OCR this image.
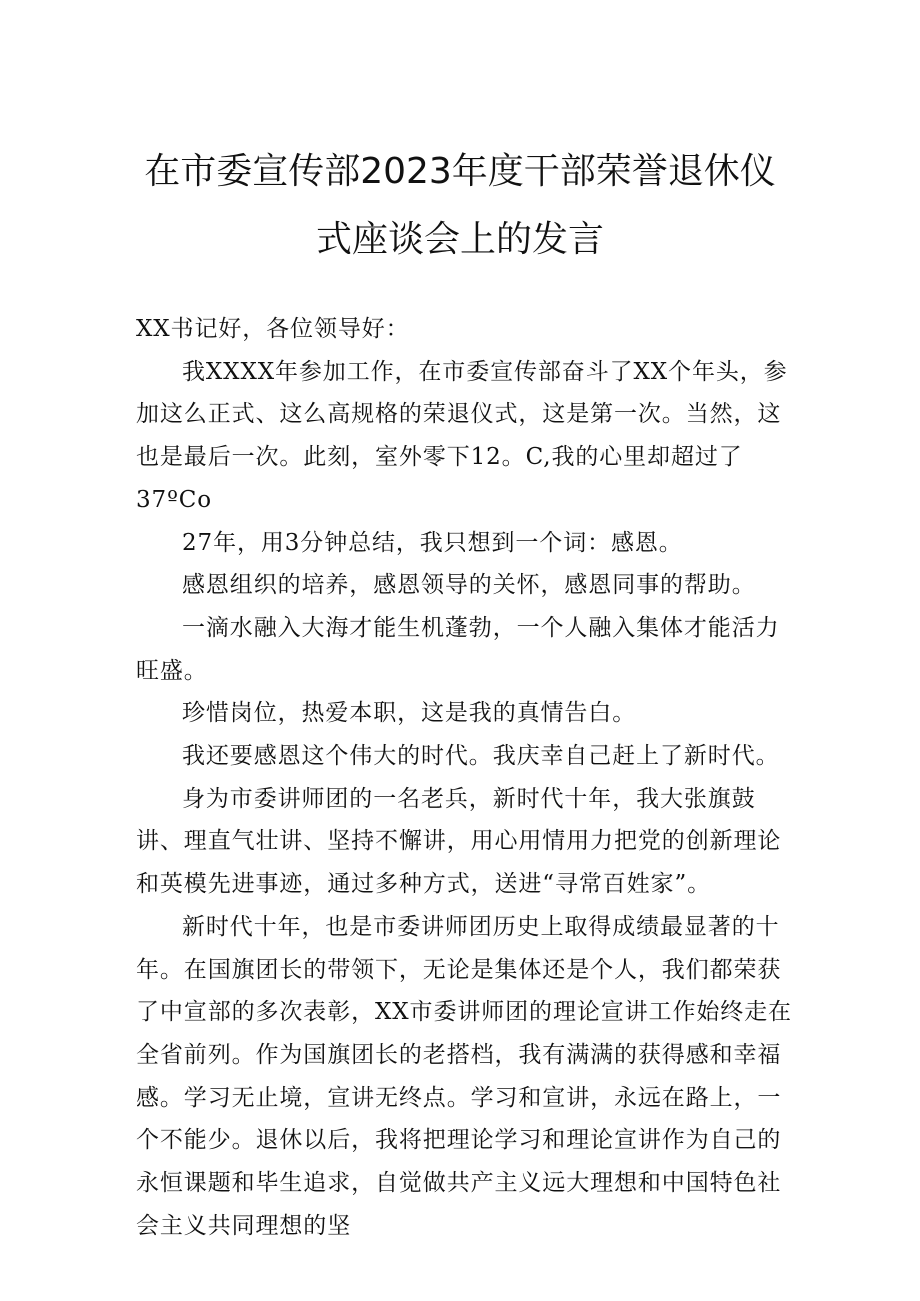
在市委宣传部2023年度干部荣誉退休仪
式座谈会上的发言

XX书记好，各位领导好：

我XXXX年参加工作，在市委宣传部奋斗了XX个年头，参加这么正式、这么高规格的荣退仪式，这是第一次。当然，这也是最后一次。此刻，室外零下12。C,我的心里却超过了37ºCo

27年，用3分钟总结，我只想到一个词：感恩。

感恩组织的培养，感恩领导的关怀，感恩同事的帮助。

一滴水融入大海才能生机蓬勃，一个人融入集体才能活力旺盛。

珍惜岗位，热爱本职，这是我的真情告白。

我还要感恩这个伟大的时代。我庆幸自己赶上了新时代。

身为市委讲师团的一名老兵，新时代十年，我大张旗鼓讲、理直气壮讲、坚持不懈讲，用心用情用力把党的创新理论和英模先进事迹，通过多种方式，送进“寻常百姓家”。

新时代十年，也是市委讲师团历史上取得成绩最显著的十年。在国旗团长的带领下，无论是集体还是个人，我们都荣获了中宣部的多次表彰，XX市委讲师团的理论宣讲工作始终走在全省前列。作为国旗团长的老搭档，我有满满的获得感和幸福感。学习无止境，宣讲无终点。学习和宣讲，永远在路上，一个不能少。退休以后，我将把理论学习和理论宣讲作为自己的永恒课题和毕生追求，自觉做共产主义远大理想和中国特色社会主义共同理想的坚
